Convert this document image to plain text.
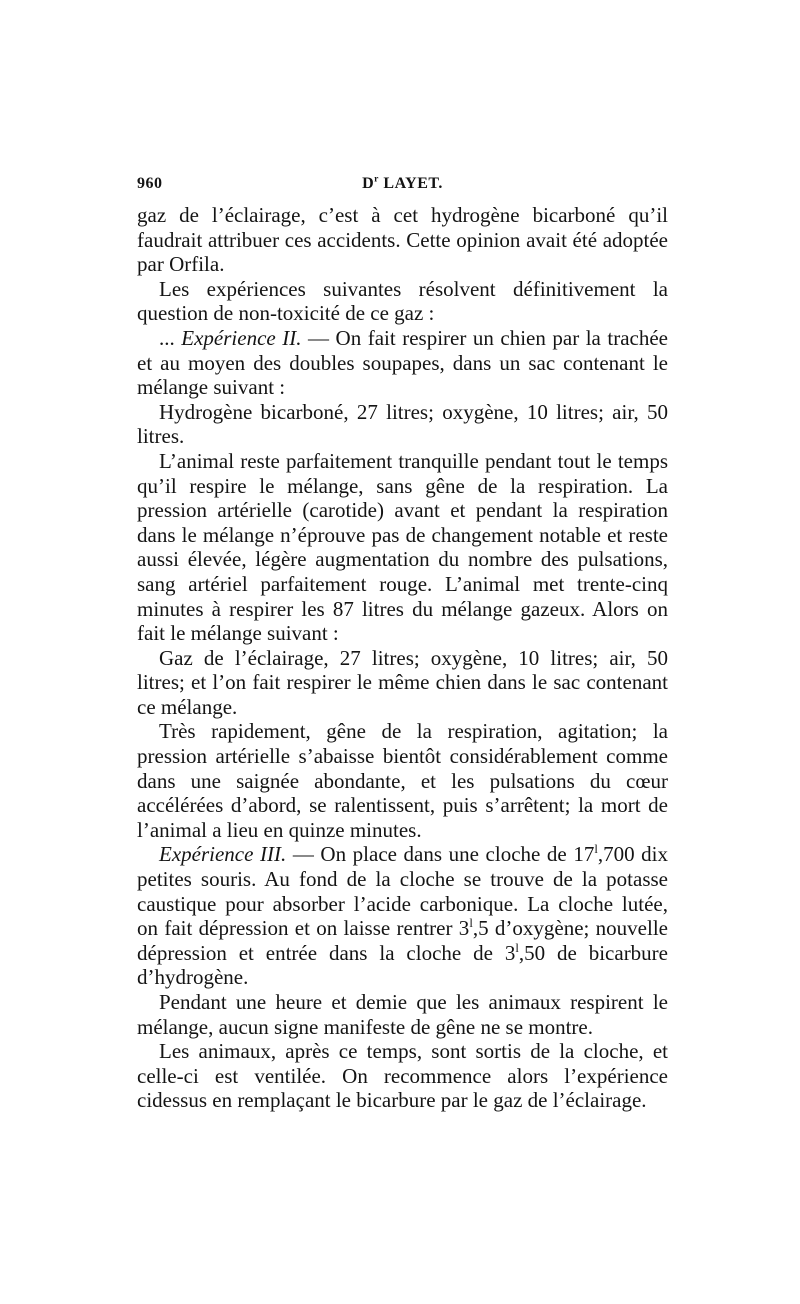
960	$D^r$ LAYET.

gaz de l’éclairage, c’est à cet hydrogène bicarboné qu’il faudrait attribuer ces accidents. Cette opinion avait été adoptée par Orfila.

Les expériences suivantes résolvent définitivement la question de non-toxicité de ce gaz :

... Expérience II. — On fait respirer un chien par la trachée et au moyen des doubles soupapes, dans un sac contenant le mélange suivant :

Hydrogène bicarboné, 27 litres; oxygène, 10 litres; air, 50 litres.

L’animal reste parfaitement tranquille pendant tout le temps qu’il respire le mélange, sans gêne de la respiration. La pression artérielle (carotide) avant et pendant la respiration dans le mélange n’éprouve pas de changement notable et reste aussi élevée, légère augmentation du nombre des pulsations, sang artériel parfaitement rouge. L’animal met trente-cinq minutes à respirer les 87 litres du mélange gazeux. Alors on fait le mélange suivant :

Gaz de l’éclairage, 27 litres; oxygène, 10 litres; air, 50 litres; et l’on fait respirer le même chien dans le sac contenant ce mélange.

Très rapidement, gêne de la respiration, agitation; la pression artérielle s’abaisse bientôt considérablement comme dans une saignée abondante, et les pulsations du cœur accélérées d’abord, se ralentissent, puis s’arrêtent; la mort de l’animal a lieu en quinze minutes.

Expérience III. — On place dans une cloche de 17$^l$,700 dix petites souris. Au fond de la cloche se trouve de la potasse caustique pour absorber l’acide carbonique. La cloche lutée, on fait dépression et on laisse rentrer 3$^l$,5 d’oxygène; nouvelle dépression et entrée dans la cloche de 3$^l$,50 de bicarbure d’hydrogène.

Pendant une heure et demie que les animaux respirent le mélange, aucun signe manifeste de gêne ne se montre.

Les animaux, après ce temps, sont sortis de la cloche, et celle-ci est ventilée. On recommence alors l’expérience cidessus en remplaçant le bicarbure par le gaz de l’éclairage.
